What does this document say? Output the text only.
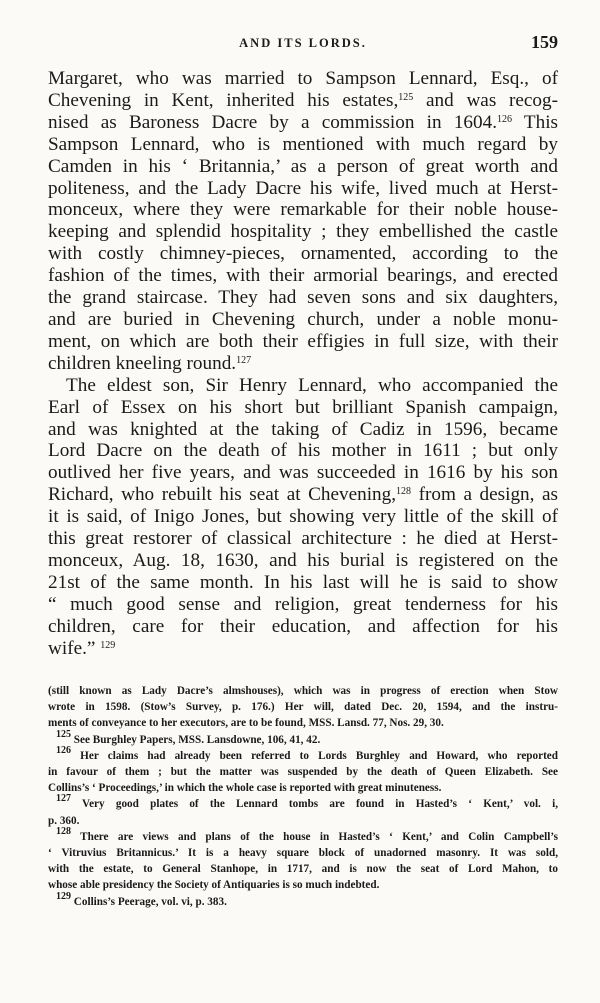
AND ITS LORDS.	159
Margaret, who was married to Sampson Lennard, Esq., of
Chevening in Kent, inherited his estates,$^{125}$ and was recog-
nised as Baroness Dacre by a commission in 1604.$^{126}$ This
Sampson Lennard, who is mentioned with much regard by
Camden in his ‘ Britannia,’ as a person of great worth and
politeness, and the Lady Dacre his wife, lived much at Herst-
monceux, where they were remarkable for their noble house-
keeping and splendid hospitality ; they embellished the castle
with costly chimney-pieces, ornamented, according to the
fashion of the times, with their armorial bearings, and erected
the grand staircase. They had seven sons and six daughters,
and are buried in Chevening church, under a noble monu-
ment, on which are both their effigies in full size, with their
children kneeling round.$^{127}$
The eldest son, Sir Henry Lennard, who accompanied the
Earl of Essex on his short but brilliant Spanish campaign,
and was knighted at the taking of Cadiz in 1596, became
Lord Dacre on the death of his mother in 1611 ; but only
outlived her five years, and was succeeded in 1616 by his son
Richard, who rebuilt his seat at Chevening,$^{128}$ from a design, as
it is said, of Inigo Jones, but showing very little of the skill of
this great restorer of classical architecture : he died at Herst-
monceux, Aug. 18, 1630, and his burial is registered on the
21st of the same month. In his last will he is said to show
“ much good sense and religion, great tenderness for his
children, care for their education, and affection for his
wife.” $^{129}$
(still known as Lady Dacre’s almshouses), which was in progress of erection when Stow
wrote in 1598. (Stow’s Survey, p. 176.) Her will, dated Dec. 20, 1594, and the instru-
ments of conveyance to her executors, are to be found, MSS. Lansd. 77, Nos. 29, 30.
$^{125}$ See Burghley Papers, MSS. Lansdowne, 106, 41, 42.
$^{126}$ Her claims had already been referred to Lords Burghley and Howard, who reported
in favour of them ; but the matter was suspended by the death of Queen Elizabeth. See
Collins’s ‘ Proceedings,’ in which the whole case is reported with great minuteness.
$^{127}$ Very good plates of the Lennard tombs are found in Hasted’s ‘ Kent,’ vol. i,
p. 360.
$^{128}$ There are views and plans of the house in Hasted’s ‘ Kent,’ and Colin Campbell’s
‘ Vitruvius Britannicus.’ It is a heavy square block of unadorned masonry. It was sold,
with the estate, to General Stanhope, in 1717, and is now the seat of Lord Mahon, to
whose able presidency the Society of Antiquaries is so much indebted.
$^{129}$ Collins’s Peerage, vol. vi, p. 383.
